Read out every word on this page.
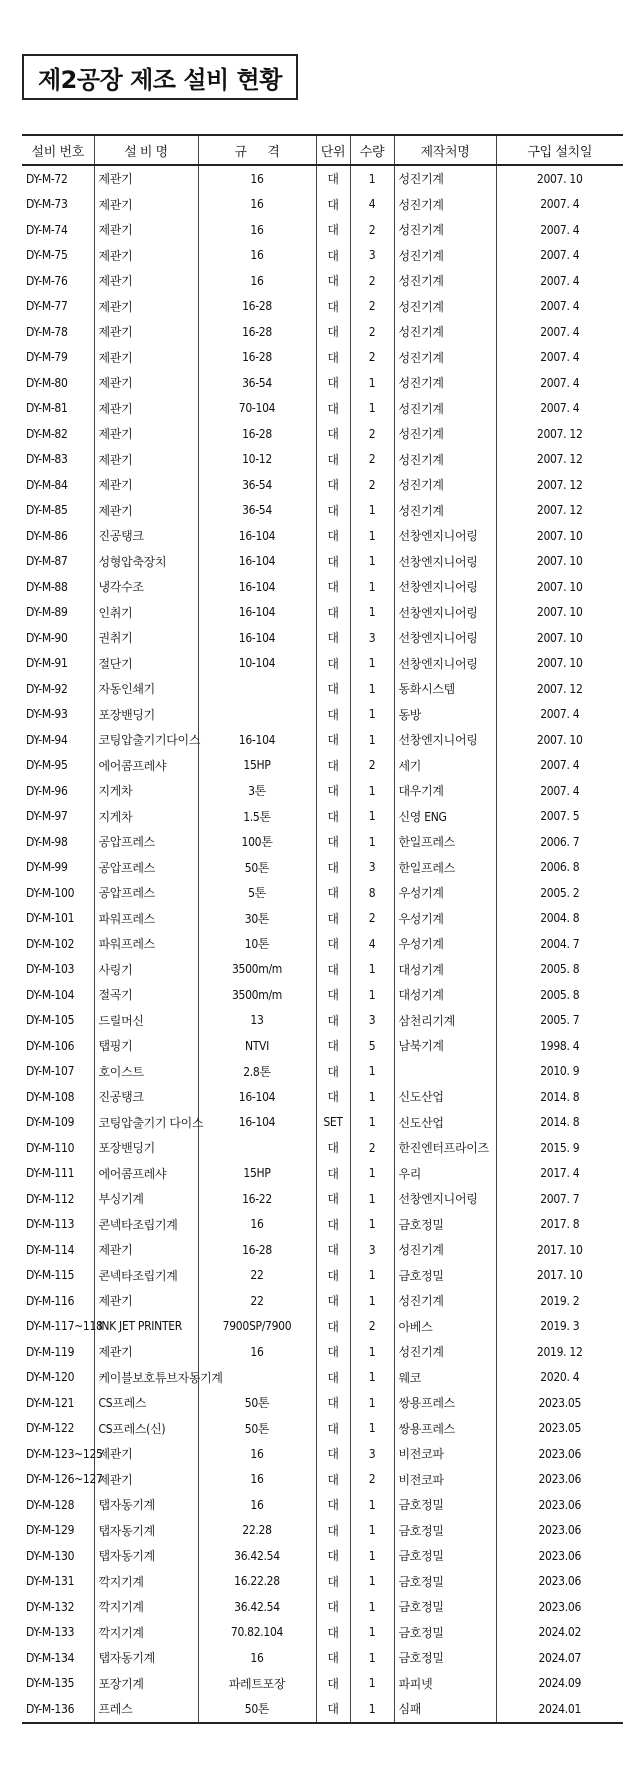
제2공장 제조 설비 현황
설비 번호	설 비 명	규      격	단위	수량	제작처명	구입 설치일
DY-M-72	제관기	16	대	1	성진기계	2007. 10
DY-M-73	제관기	16	대	4	성진기계	2007. 4
DY-M-74	제관기	16	대	2	성진기계	2007. 4
DY-M-75	제관기	16	대	3	성진기계	2007. 4
DY-M-76	제관기	16	대	2	성진기계	2007. 4
DY-M-77	제관기	16-28	대	2	성진기계	2007. 4
DY-M-78	제관기	16-28	대	2	성진기계	2007. 4
DY-M-79	제관기	16-28	대	2	성진기계	2007. 4
DY-M-80	제관기	36-54	대	1	성진기계	2007. 4
DY-M-81	제관기	70-104	대	1	성진기계	2007. 4
DY-M-82	제관기	16-28	대	2	성진기계	2007. 12
DY-M-83	제관기	10-12	대	2	성진기계	2007. 12
DY-M-84	제관기	36-54	대	2	성진기계	2007. 12
DY-M-85	제관기	36-54	대	1	성진기계	2007. 12
DY-M-86	진공탱크	16-104	대	1	선창엔지니어링	2007. 10
DY-M-87	성형압축장치	16-104	대	1	선창엔지니어링	2007. 10
DY-M-88	냉각수조	16-104	대	1	선창엔지니어링	2007. 10
DY-M-89	인취기	16-104	대	1	선창엔지니어링	2007. 10
DY-M-90	권취기	16-104	대	3	선창엔지니어링	2007. 10
DY-M-91	절단기	10-104	대	1	선창엔지니어링	2007. 10
DY-M-92	자동인쇄기		대	1	동화시스템	2007. 12
DY-M-93	포장밴딩기		대	1	동방	2007. 4
DY-M-94	코팅압출기기다이스	16-104	대	1	선창엔지니어링	2007. 10
DY-M-95	에어콤프레샤	15HP	대	2	세기	2007. 4
DY-M-96	지게차	3톤	대	1	대우기계	2007. 4
DY-M-97	지게차	1.5톤	대	1	신영 ENG	2007. 5
DY-M-98	공압프레스	100톤	대	1	한일프레스	2006. 7
DY-M-99	공압프레스	50톤	대	3	한일프레스	2006. 8
DY-M-100	공압프레스	5톤	대	8	우성기계	2005. 2
DY-M-101	파워프레스	30톤	대	2	우성기계	2004. 8
DY-M-102	파워프레스	10톤	대	4	우성기계	2004. 7
DY-M-103	사링기	3500m/m	대	1	대성기계	2005. 8
DY-M-104	절곡기	3500m/m	대	1	대성기계	2005. 8
DY-M-105	드릴머신	13	대	3	삼천리기계	2005. 7
DY-M-106	탭핑기	NTVI	대	5	남북기계	1998. 4
DY-M-107	호이스트	2.8톤	대	1		2010. 9
DY-M-108	진공탱크	16-104	대	1	신도산업	2014. 8
DY-M-109	코팅압출기기 다이스	16-104	SET	1	신도산업	2014. 8
DY-M-110	포장밴딩기		대	2	한진엔터프라이즈	2015. 9
DY-M-111	에어콤프레샤	15HP	대	1	우리	2017. 4
DY-M-112	부싱기계	16-22	대	1	선창엔지니어링	2007. 7
DY-M-113	콘넥타조립기계	16	대	1	금호정밀	2017. 8
DY-M-114	제관기	16-28	대	3	성진기계	2017. 10
DY-M-115	콘넥타조립기계	22	대	1	금호정밀	2017. 10
DY-M-116	제관기	22	대	1	성진기계	2019. 2
DY-M-117~118	INK JET PRINTER	7900SP/7900	대	2	아베스	2019. 3
DY-M-119	제관기	16	대	1	성진기계	2019. 12
DY-M-120	케이블보호튜브자동기계		대	1	웨코	2020. 4
DY-M-121	CS프레스	50톤	대	1	쌍용프레스	2023.05
DY-M-122	CS프레스(신)	50톤	대	1	쌍용프레스	2023.05
DY-M-123~125	제관기	16	대	3	비전코파	2023.06
DY-M-126~127	제관기	16	대	2	비전코파	2023.06
DY-M-128	탭자동기계	16	대	1	금호정밀	2023.06
DY-M-129	탭자동기계	22.28	대	1	금호정밀	2023.06
DY-M-130	탭자동기계	36.42.54	대	1	금호정밀	2023.06
DY-M-131	깍지기계	16.22.28	대	1	금호정밀	2023.06
DY-M-132	깍지기계	36.42.54	대	1	금호정밀	2023.06
DY-M-133	깍지기계	70.82.104	대	1	금호정밀	2024.02
DY-M-134	탭자동기계	16	대	1	금호정밀	2024.07
DY-M-135	포장기계	파레트포장	대	1	파피넷	2024.09
DY-M-136	프레스	50톤	대	1	심패	2024.01
